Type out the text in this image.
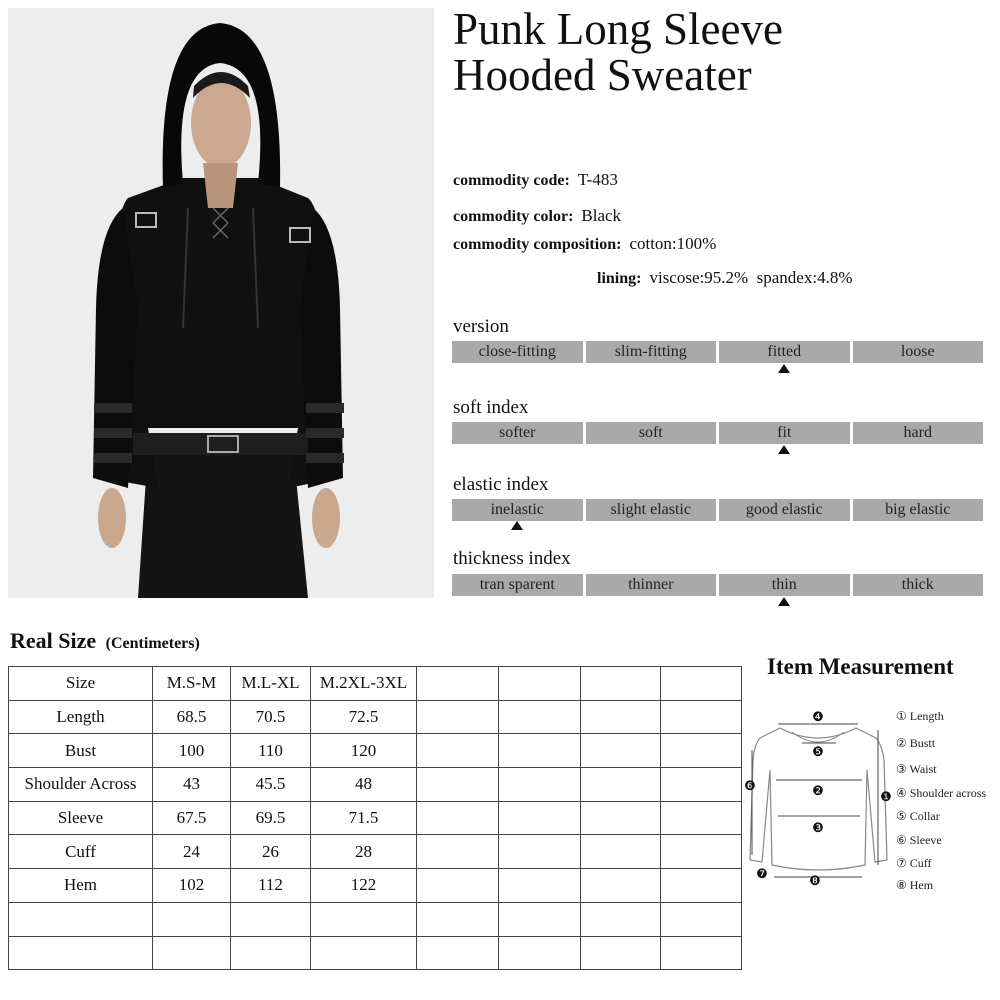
Punk Long Sleeve
Hooded Sweater
commodity code: T-483
commodity color: Black
commodity composition: cotton:100%
lining: viscose:95.2%  spandex:4.8%
version
close-fitting	slim-fitting	fitted	loose
soft index
softer	soft	fit	hard
elastic index
inelastic	slight elastic	good elastic	big elastic
thickness index
tran sparent	thinner	thin	thick
Real Size (Centimeters)
Size	M.S-M	M.L-XL	M.2XL-3XL				
Length	68.5	70.5	72.5				
Bust	100	110	120				
Shoulder Across	43	45.5	48				
Sleeve	67.5	69.5	71.5				
Cuff	24	26	28				
Hem	102	112	122				

Item Measurement
❹
❺
❷
❸
❶
❻
❼	❽
① Length
② Bustt
③ Waist
④ Shoulder across
⑤ Collar
⑥ Sleeve
⑦ Cuff
⑧ Hem
